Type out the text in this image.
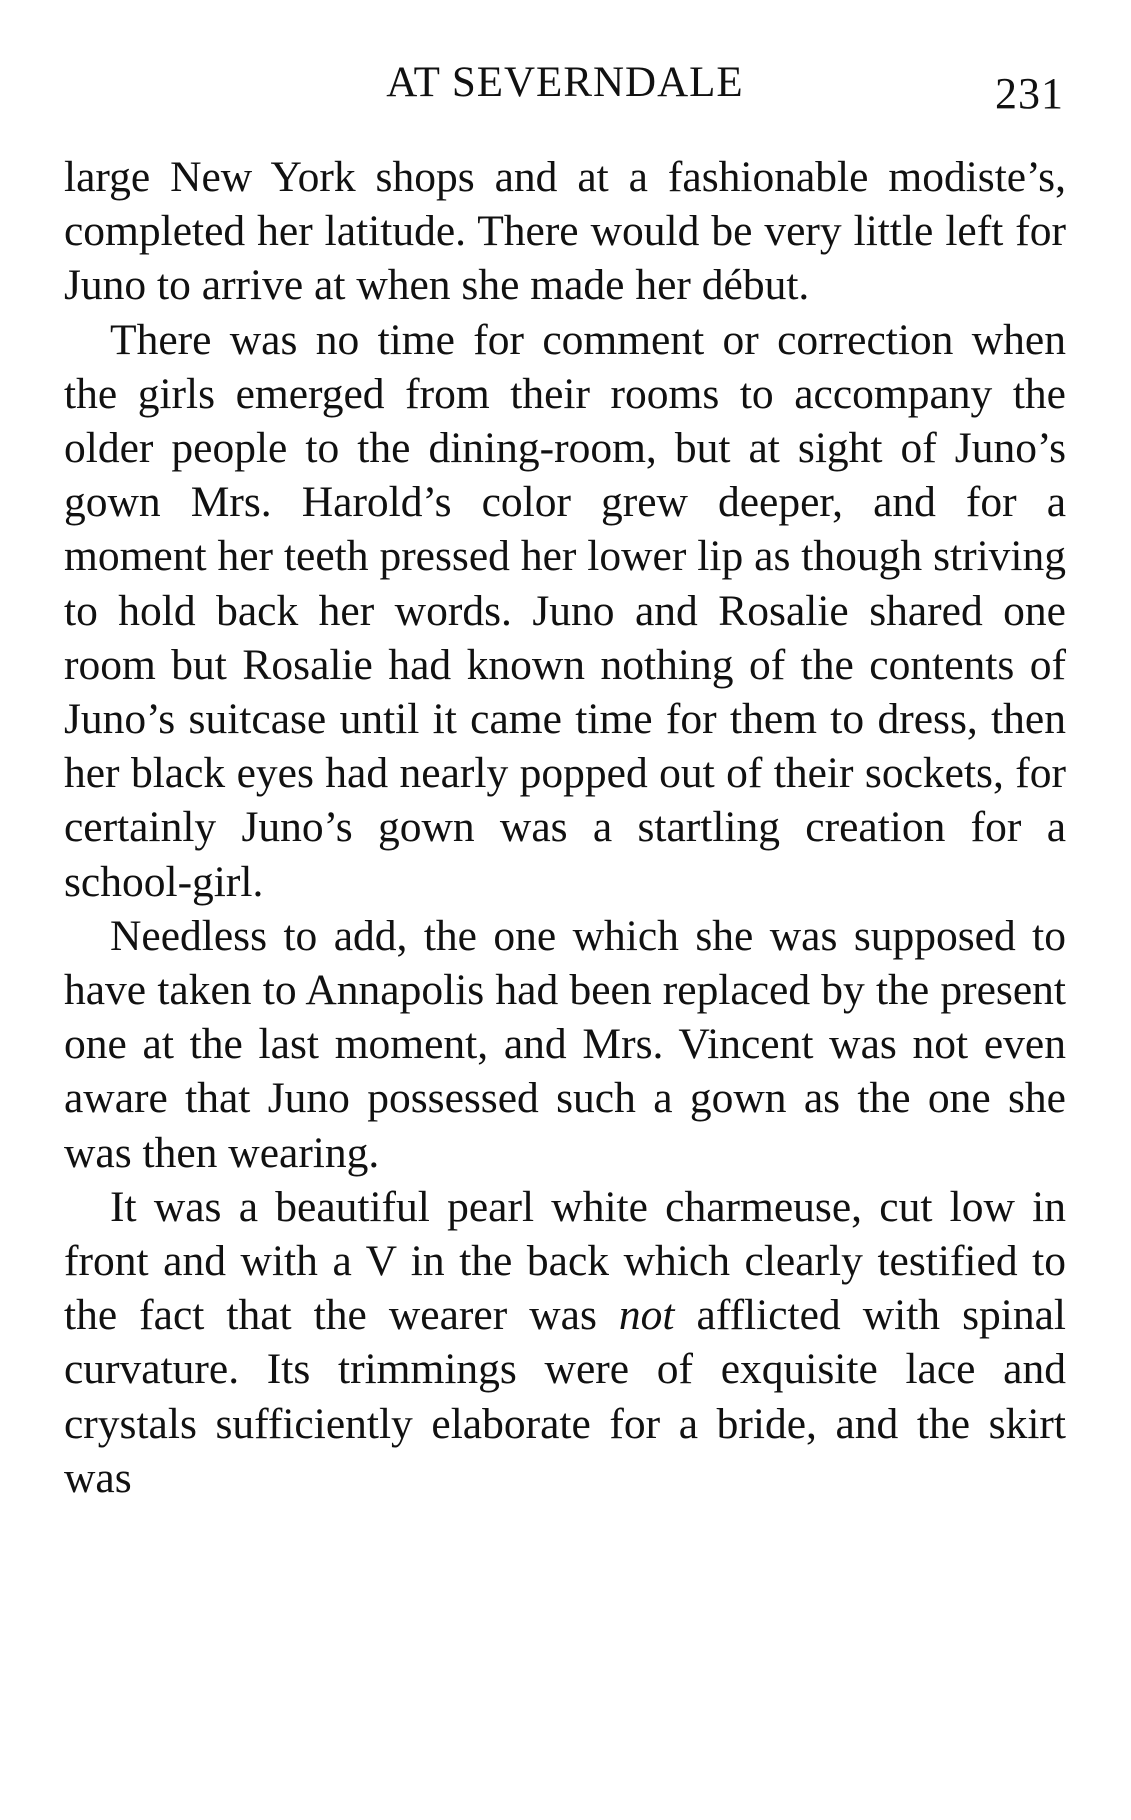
AT SEVERNDALE	231

large New York shops and at a fashionable modiste’s, completed her latitude. There would be very little left for Juno to arrive at when she made her début.

There was no time for comment or correction when the girls emerged from their rooms to accompany the older people to the dining-room, but at sight of Juno’s gown Mrs. Harold’s color grew deeper, and for a moment her teeth pressed her lower lip as though striving to hold back her words. Juno and Rosalie shared one room but Rosalie had known nothing of the contents of Juno’s suitcase until it came time for them to dress, then her black eyes had nearly popped out of their sockets, for certainly Juno’s gown was a startling creation for a school-girl.

Needless to add, the one which she was supposed to have taken to Annapolis had been replaced by the present one at the last moment, and Mrs. Vincent was not even aware that Juno possessed such a gown as the one she was then wearing.

It was a beautiful pearl white charmeuse, cut low in front and with a V in the back which clearly testified to the fact that the wearer was not afflicted with spinal curvature. Its trimmings were of exquisite lace and crystals sufficiently elaborate for a bride, and the skirt was
